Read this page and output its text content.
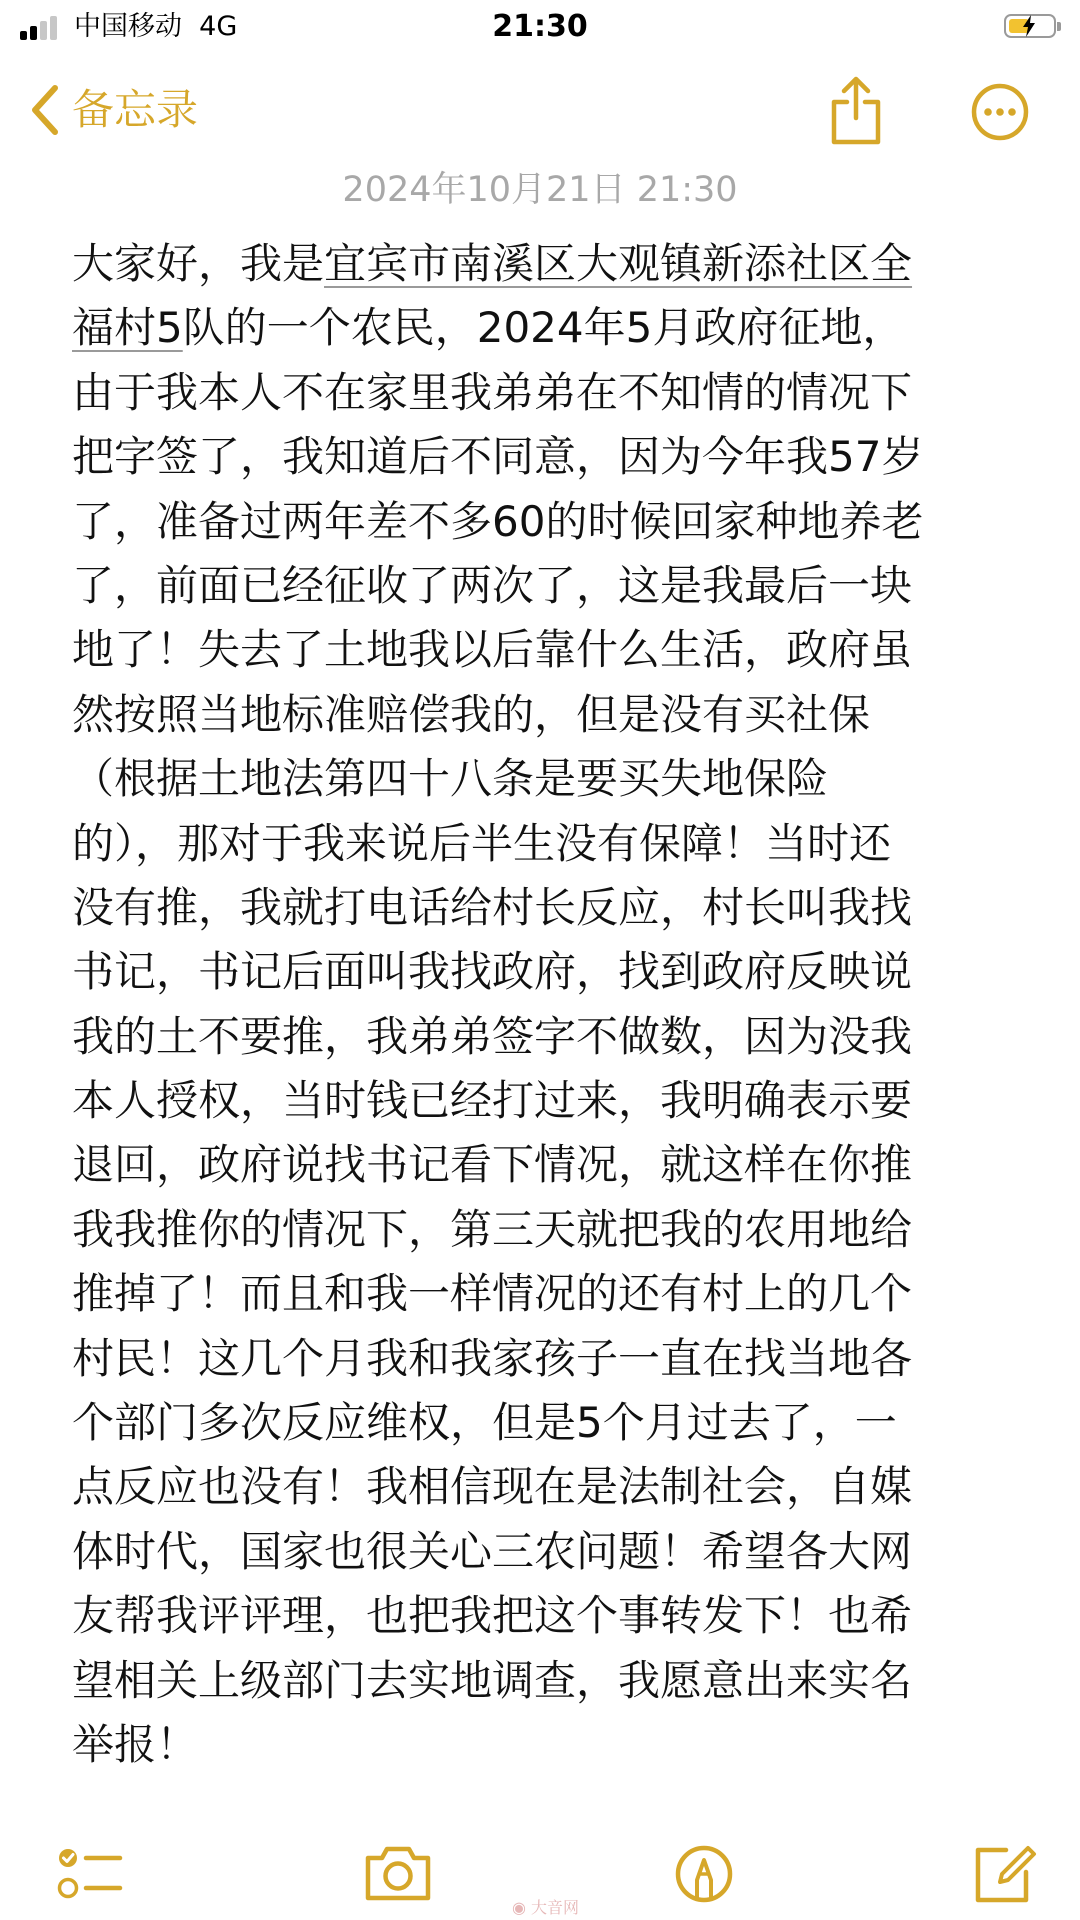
中国移动 4G	21:30
备忘录
2024年10月21日 21:30
大家好，我是宜宾市南溪区大观镇新添社区全
福村5队的一个农民，2024年5月政府征地，
由于我本人不在家里我弟弟在不知情的情况下
把字签了，我知道后不同意，因为今年我57岁
了，准备过两年差不多60的时候回家种地养老
了，前面已经征收了两次了，这是我最后一块
地了！失去了土地我以后靠什么生活，政府虽
然按照当地标准赔偿我的，但是没有买社保
（根据土地法第四十八条是要买失地保险
的），那对于我来说后半生没有保障！当时还
没有推，我就打电话给村长反应，村长叫我找
书记，书记后面叫我找政府，找到政府反映说
我的土不要推，我弟弟签字不做数，因为没我
本人授权，当时钱已经打过来，我明确表示要
退回，政府说找书记看下情况，就这样在你推
我我推你的情况下，第三天就把我的农用地给
推掉了！而且和我一样情况的还有村上的几个
村民！这几个月我和我家孩子一直在找当地各
个部门多次反应维权，但是5个月过去了，一
点反应也没有！我相信现在是法制社会，自媒
体时代，国家也很关心三农问题！希望各大网
友帮我评评理，也把我把这个事转发下！也希
望相关上级部门去实地调查，我愿意出来实名
举报！
◉ 大音网
